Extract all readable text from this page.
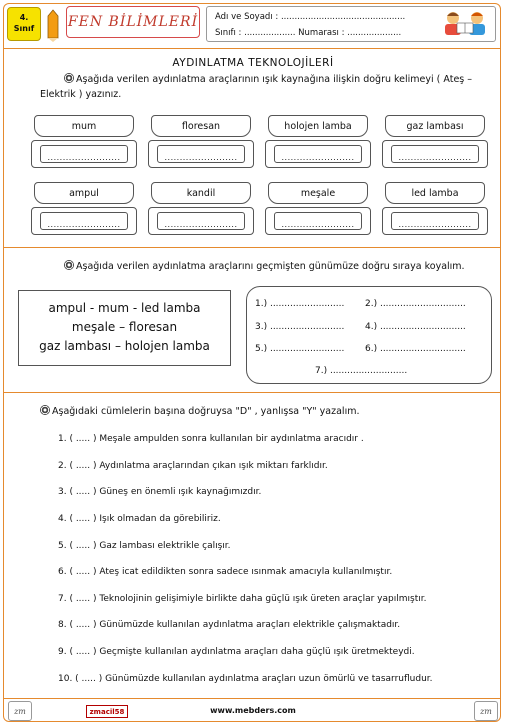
4.
Sınıf	FEN BİLİMLERİ Adı ve Soyadı : ..............................................
Sınıfı : ................... Numarası : ....................
AYDINLATMA TEKNOLOJİLERİ
Aşağıda verilen aydınlatma araçlarının ışık kaynağına ilişkin doğru kelimeyi ( Ateş –
Elektrik ) yazınız.
mum	floresan	holojen lamba	gaz lambası
........................	........................	........................	........................
ampul	kandil	meşale	led lamba
........................	........................	........................	........................
Aşağıda verilen aydınlatma araçlarını geçmişten günümüze doğru sıraya koyalım.
ampul - mum - led lamba
meşale – floresan
gaz lambası – holojen lamba
1.) .......................... 2.) ..............................
3.) .......................... 4.) ..............................
5.) .......................... 6.) ..............................
7.) ...........................
Aşağıdaki cümlelerin başına doğruysa "D" , yanlışsa "Y" yazalım.
1. ( ..... ) Meşale ampulden sonra kullanılan bir aydınlatma aracıdır .
2. ( ..... ) Aydınlatma araçlarından çıkan ışık miktarı farklıdır.
3. ( ..... ) Güneş en önemli ışık kaynağımızdır.
4. ( ..... ) Işık olmadan da görebiliriz.
5. ( ..... ) Gaz lambası elektrikle çalışır.
6. ( ..... ) Ateş icat edildikten sonra sadece ısınmak amacıyla kullanılmıştır.
7. ( ..... ) Teknolojinin gelişimiyle birlikte daha güçlü ışık üreten araçlar yapılmıştır.
8. ( ..... ) Günümüzde kullanılan aydınlatma araçları elektrikle çalışmaktadır.
9. ( ..... ) Geçmişte kullanılan aydınlatma araçları daha güçlü ışık üretmekteydi.
10. ( ..... ) Günümüzde kullanılan aydınlatma araçları uzun ömürlü ve tasarrufludur.
zm	zmacil58	www.mebders.com	zm
